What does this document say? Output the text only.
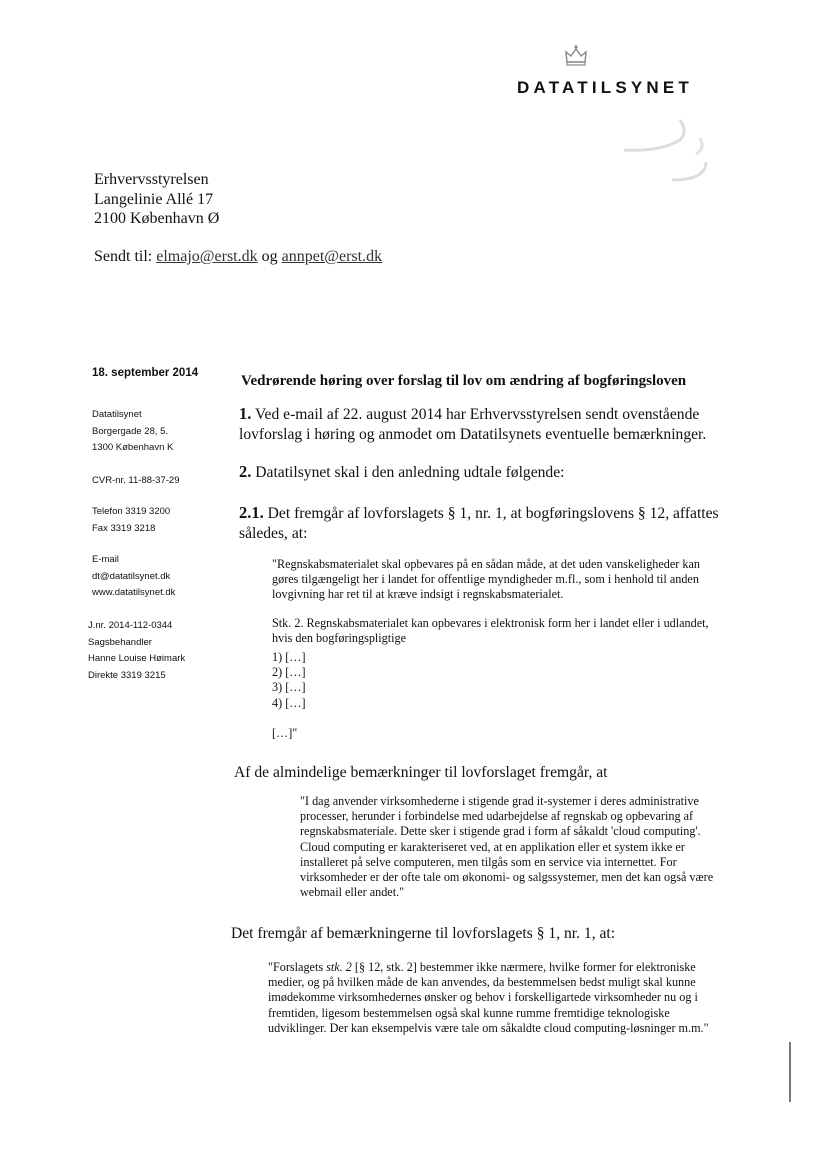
DATATILSYNET
Erhvervsstyrelsen
Langelinie Allé 17
2100 København Ø
Sendt til: elmajo@erst.dk og annpet@erst.dk
18. september 2014
Datatilsynet
Borgergade 28, 5.
1300 København K
CVR-nr. 11-88-37-29
Telefon 3319 3200
Fax 3319 3218
E-mail
dt@datatilsynet.dk
www.datatilsynet.dk
J.nr. 2014-112-0344
Sagsbehandler
Hanne Louise Høimark
Direkte 3319 3215
Vedrørende høring over forslag til lov om ændring af bogføringsloven
1. Ved e-mail af 22. august 2014 har Erhvervsstyrelsen sendt ovenstående lovforslag i høring og anmodet om Datatilsynets eventuelle bemærkninger.
2. Datatilsynet skal i den anledning udtale følgende:
2.1. Det fremgår af lovforslagets § 1, nr. 1, at bogføringslovens § 12, affattes således, at:
"Regnskabsmaterialet skal opbevares på en sådan måde, at det uden vanskeligheder kan gøres tilgængeligt her i landet for offentlige myndigheder m.fl., som i henhold til anden lovgivning har ret til at kræve indsigt i regnskabsmaterialet.
Stk. 2. Regnskabsmaterialet kan opbevares i elektronisk form her i landet eller i udlandet, hvis den bogføringspligtige
1) […]
2) […]
3) […]
4) […]
[…]"
Af de almindelige bemærkninger til lovforslaget fremgår, at
"I dag anvender virksomhederne i stigende grad it-systemer i deres administrative processer, herunder i forbindelse med udarbejdelse af regnskab og opbevaring af regnskabsmateriale. Dette sker i stigende grad i form af såkaldt 'cloud computing'. Cloud computing er karakteriseret ved, at en applikation eller et system ikke er installeret på selve computeren, men tilgås som en service via internettet. For virksomheder er der ofte tale om økonomi- og salgssystemer, men det kan også være webmail eller andet."
Det fremgår af bemærkningerne til lovforslagets § 1, nr. 1, at:
"Forslagets stk. 2 [§ 12, stk. 2] bestemmer ikke nærmere, hvilke former for elektroniske medier, og på hvilken måde de kan anvendes, da bestemmelsen bedst muligt skal kunne imødekomme virksomhedernes ønsker og behov i forskelligartede virksomheder nu og i fremtiden, ligesom bestemmelsen også skal kunne rumme fremtidige teknologiske udviklinger. Der kan eksempelvis være tale om såkaldte cloud computing-løsninger m.m."
